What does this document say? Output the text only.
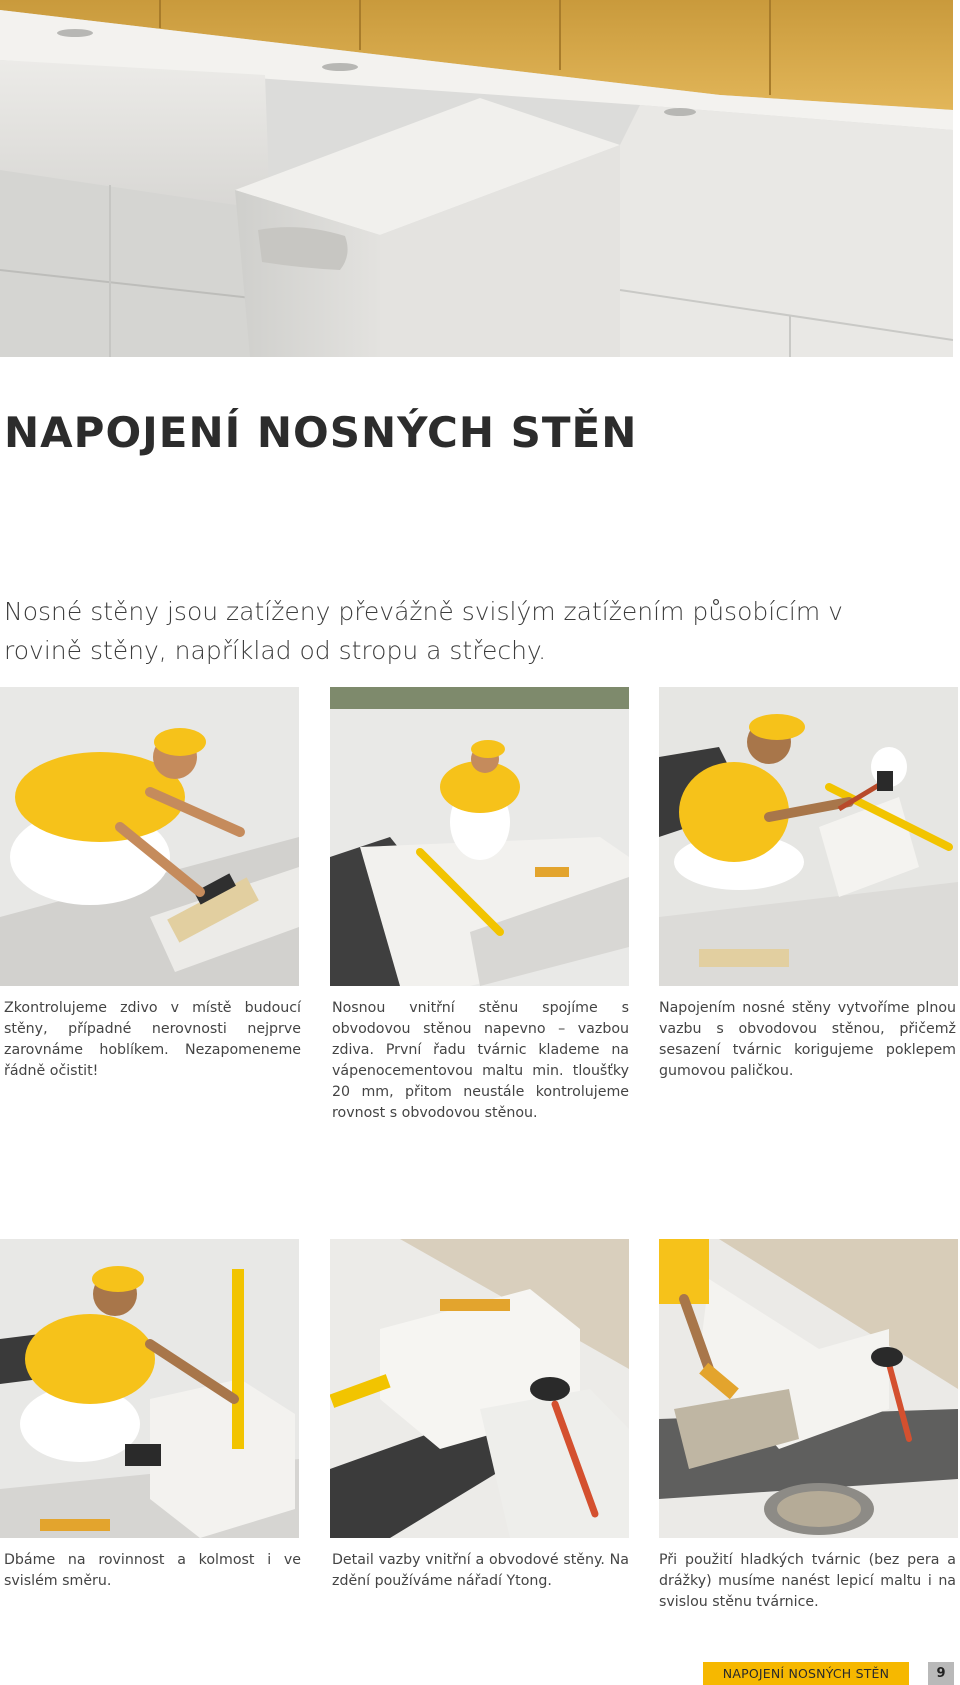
NAPOJENÍ NOSNÝCH STĚN

Nosné stěny jsou zatíženy převážně svislým zatížením působícím v rovině stěny, například od stropu a střechy.

Zkontrolujeme zdivo v místě budoucí stěny, případné nerovnosti nejprve zarovnáme hoblíkem. Nezapomeneme řádně očistit!

Nosnou vnitřní stěnu spojíme s obvodovou stěnou napevno – vazbou zdiva. První řadu tvárnic klademe na vápenocementovou maltu min. tloušťky 20 mm, přitom neustále kontrolujeme rovnost s obvodovou stěnou.

Napojením nosné stěny vytvoříme plnou vazbu s obvodovou stěnou, přičemž sesazení tvárnic korigujeme poklepem gumovou paličkou.

Dbáme na rovinnost a kolmost i ve svislém směru.

Detail vazby vnitřní a obvodové stěny. Na zdění používáme nářadí Ytong.

Při použití hladkých tvárnic (bez pera a drážky) musíme nanést lepicí maltu i na svislou stěnu tvárnice.

NAPOJENÍ NOSNÝCH STĚN	9
